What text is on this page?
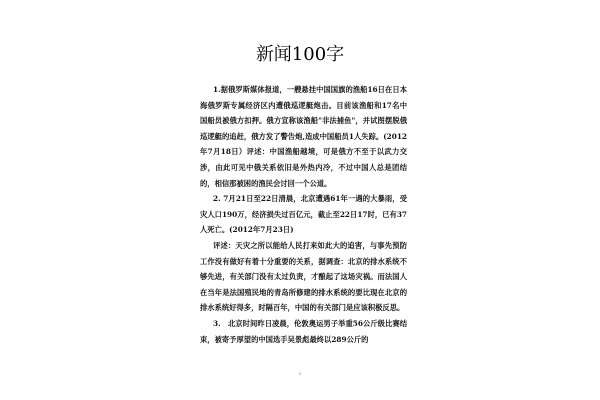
新闻100字

1.据俄罗斯媒体报道，一艘悬挂中国国旗的渔船16日在日本海俄罗斯专属经济区内遭俄巡逻艇炮击。目前该渔船和17名中国船员被俄方扣押。俄方宣称该渔船"非法捕鱼"，并试图摆脱俄巡逻艇的追赶，俄方发了警告炮,造成中国船员1人失踪。(2012年7月18日）评述：中国渔船越境，可是俄方不至于以武力交涉，由此可见中俄关系依旧是外热内冷，不过中国人总是团结的，相信那被困的渔民会讨回一个公道。

2. 7月21日至22日清晨，北京遭遇61年一遇的大暴雨，受灾人口190万，经济损失过百亿元，截止至22日17时，已有37人死亡。(2012年7月23日)

评述：天灾之所以能给人民打来如此大的追害，与事先预防工作没有做好有着十分重要的关系，据调查：北京的排水系统不够先进，有关部门没有太过负责，才酿起了这场灾祸。而法国人在当年是法国殖民地的青岛所修建的排水系统的要比现在北京的排水系统好得多，时隔百年，中国的有关部门是应该积极反思。

3.　北京时间昨日凌晨，伦敦奥运男子举重56公斤级比赛结束，被寄予厚望的中国选手吴景彪最终以289公斤的

1
